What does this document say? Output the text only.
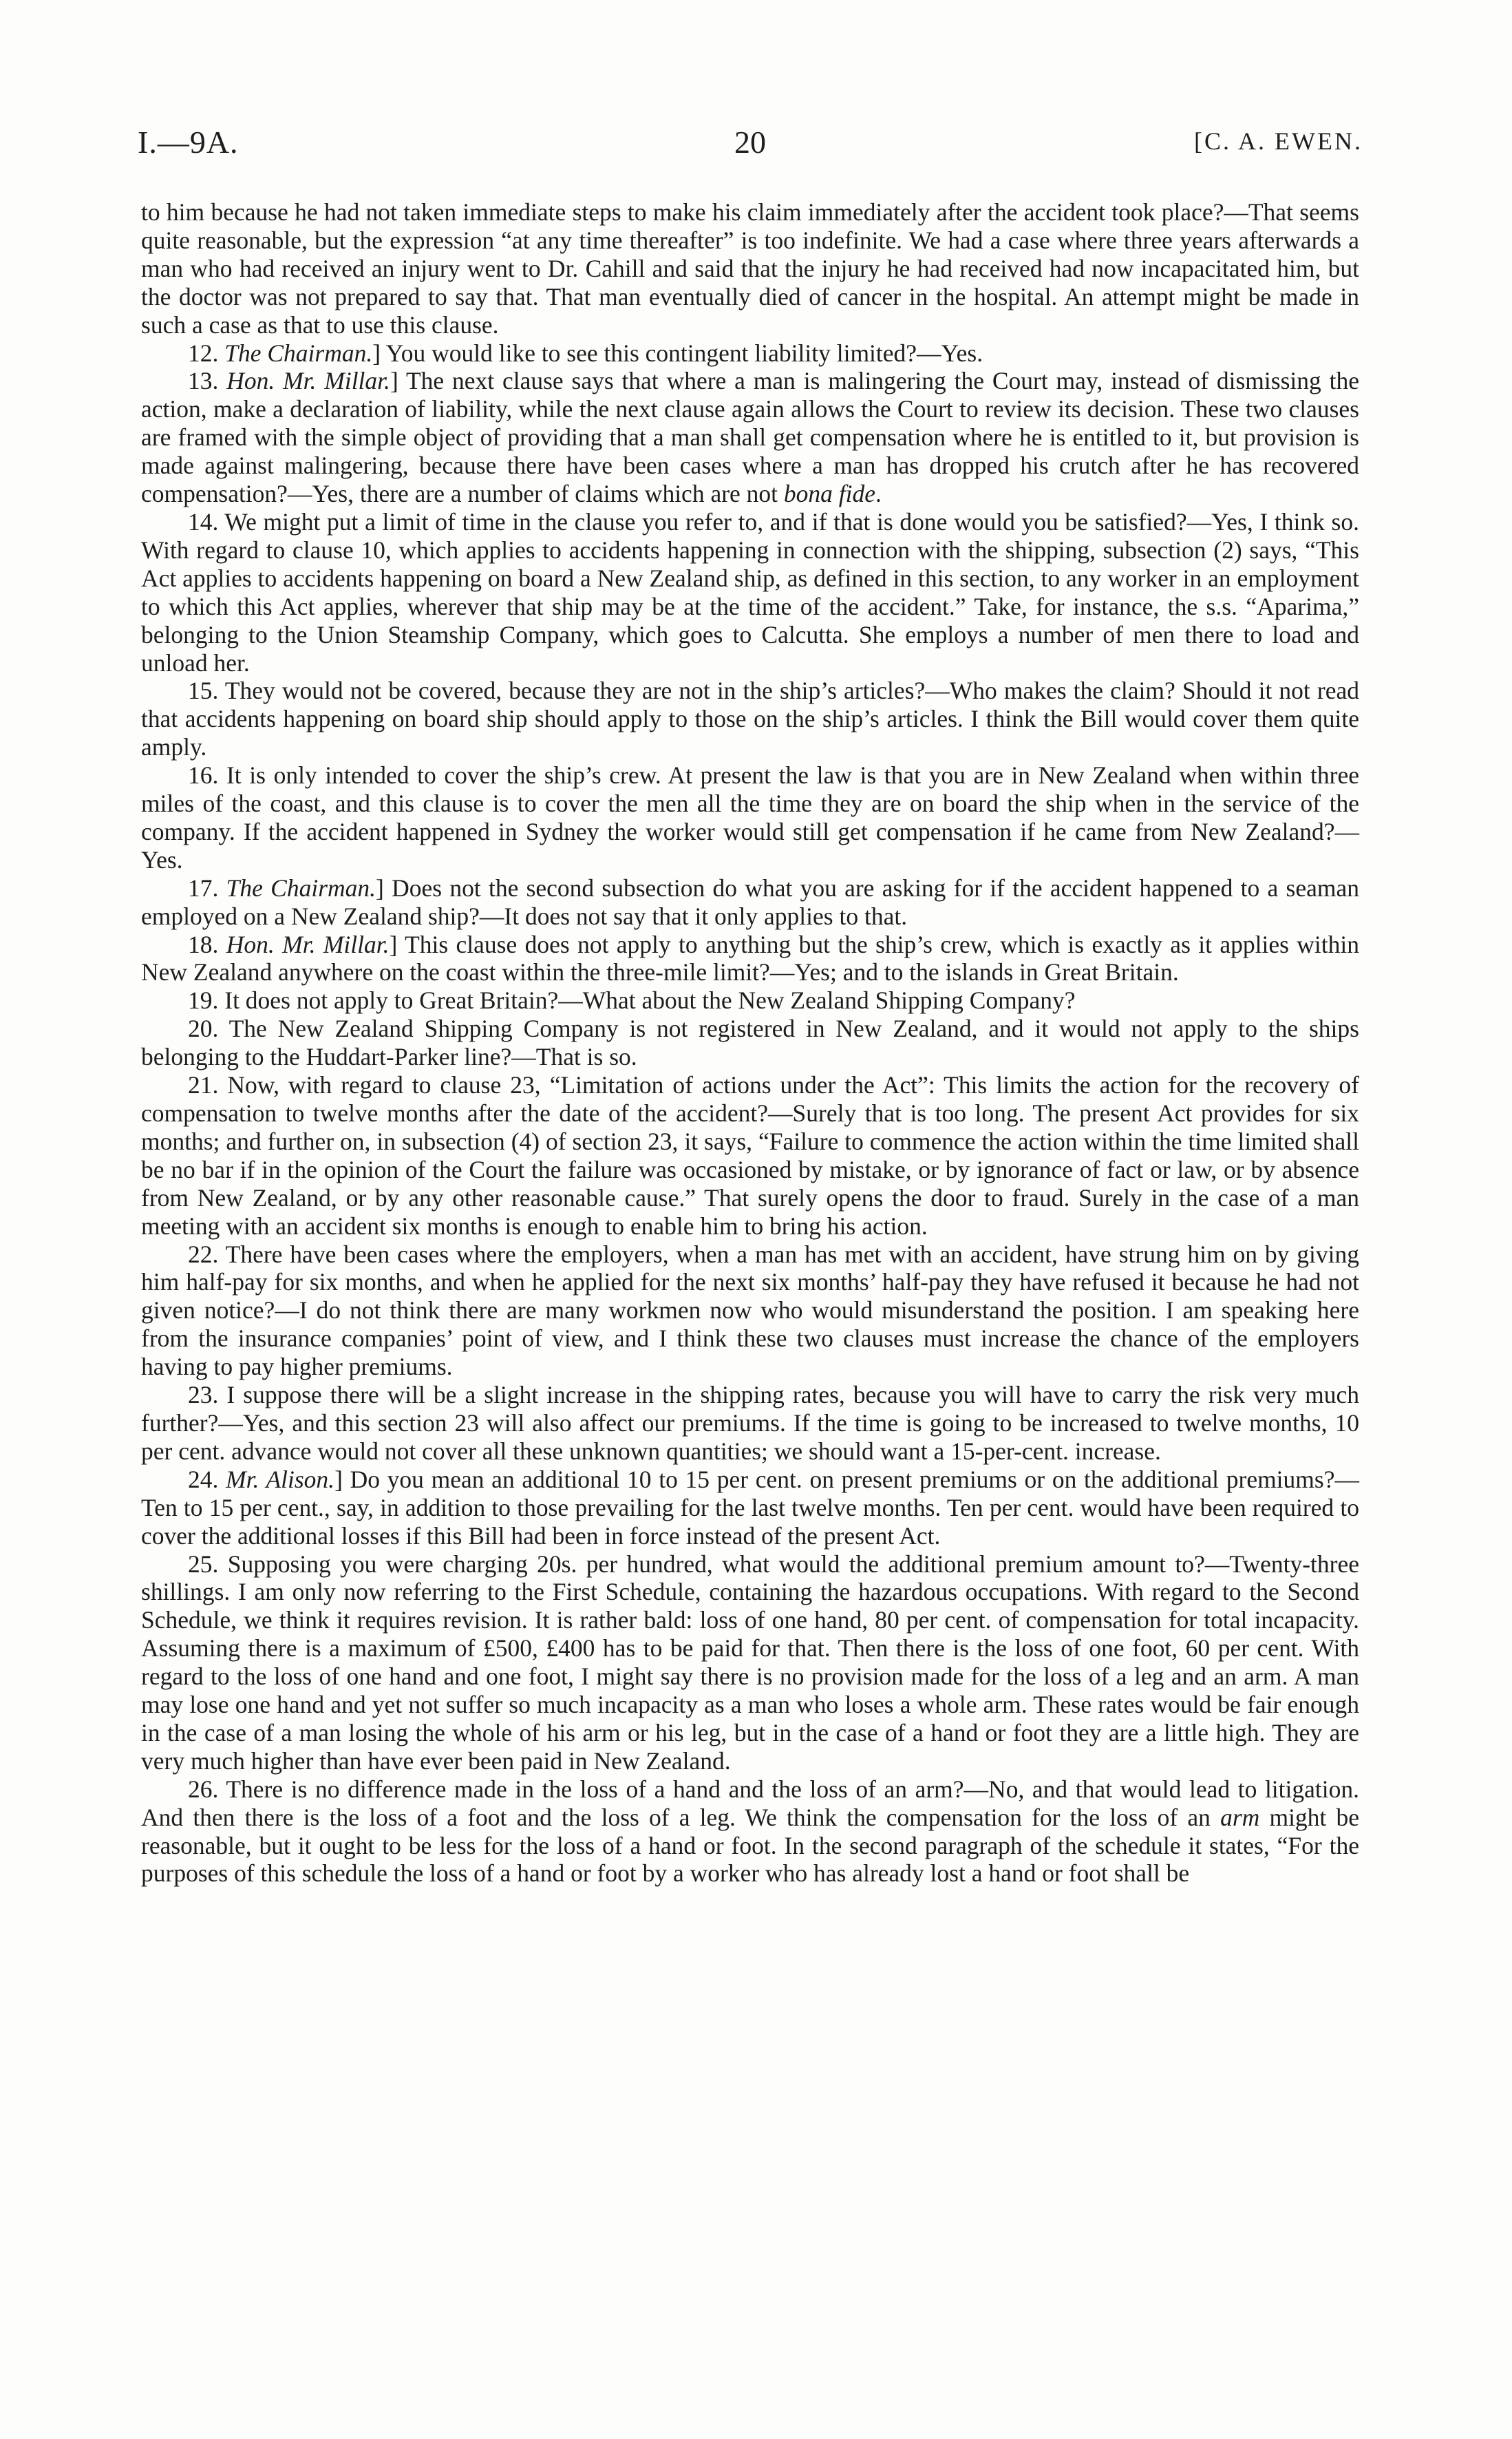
I.—9A.	20	[C. A. EWEN.

to him because he had not taken immediate steps to make his claim immediately after the accident took place?—That seems quite reasonable, but the expression “at any time thereafter” is too indefinite. We had a case where three years afterwards a man who had received an injury went to Dr. Cahill and said that the injury he had received had now incapacitated him, but the doctor was not prepared to say that. That man eventually died of cancer in the hospital. An attempt might be made in such a case as that to use this clause.

12. The Chairman.] You would like to see this contingent liability limited?—Yes.

13. Hon. Mr. Millar.] The next clause says that where a man is malingering the Court may, instead of dismissing the action, make a declaration of liability, while the next clause again allows the Court to review its decision. These two clauses are framed with the simple object of providing that a man shall get compensation where he is entitled to it, but provision is made against malingering, because there have been cases where a man has dropped his crutch after he has recovered compensation?—Yes, there are a number of claims which are not bona fide.

14. We might put a limit of time in the clause you refer to, and if that is done would you be satisfied?—Yes, I think so. With regard to clause 10, which applies to accidents happening in connection with the shipping, subsection (2) says, “This Act applies to accidents happening on board a New Zealand ship, as defined in this section, to any worker in an employment to which this Act applies, wherever that ship may be at the time of the accident.” Take, for instance, the s.s. “Aparima,” belonging to the Union Steamship Company, which goes to Calcutta. She employs a number of men there to load and unload her.

15. They would not be covered, because they are not in the ship’s articles?—Who makes the claim? Should it not read that accidents happening on board ship should apply to those on the ship’s articles. I think the Bill would cover them quite amply.

16. It is only intended to cover the ship’s crew. At present the law is that you are in New Zealand when within three miles of the coast, and this clause is to cover the men all the time they are on board the ship when in the service of the company. If the accident happened in Sydney the worker would still get compensation if he came from New Zealand?—Yes.

17. The Chairman.] Does not the second subsection do what you are asking for if the accident happened to a seaman employed on a New Zealand ship?—It does not say that it only applies to that.

18. Hon. Mr. Millar.] This clause does not apply to anything but the ship’s crew, which is exactly as it applies within New Zealand anywhere on the coast within the three-mile limit?—Yes; and to the islands in Great Britain.

19. It does not apply to Great Britain?—What about the New Zealand Shipping Company?

20. The New Zealand Shipping Company is not registered in New Zealand, and it would not apply to the ships belonging to the Huddart-Parker line?—That is so.

21. Now, with regard to clause 23, “Limitation of actions under the Act”: This limits the action for the recovery of compensation to twelve months after the date of the accident?—Surely that is too long. The present Act provides for six months; and further on, in subsection (4) of section 23, it says, “Failure to commence the action within the time limited shall be no bar if in the opinion of the Court the failure was occasioned by mistake, or by ignorance of fact or law, or by absence from New Zealand, or by any other reasonable cause.” That surely opens the door to fraud. Surely in the case of a man meeting with an accident six months is enough to enable him to bring his action.

22. There have been cases where the employers, when a man has met with an accident, have strung him on by giving him half-pay for six months, and when he applied for the next six months’ half-pay they have refused it because he had not given notice?—I do not think there are many workmen now who would misunderstand the position. I am speaking here from the insurance companies’ point of view, and I think these two clauses must increase the chance of the employers having to pay higher premiums.

23. I suppose there will be a slight increase in the shipping rates, because you will have to carry the risk very much further?—Yes, and this section 23 will also affect our premiums. If the time is going to be increased to twelve months, 10 per cent. advance would not cover all these unknown quantities; we should want a 15-per-cent. increase.

24. Mr. Alison.] Do you mean an additional 10 to 15 per cent. on present premiums or on the additional premiums?—Ten to 15 per cent., say, in addition to those prevailing for the last twelve months. Ten per cent. would have been required to cover the additional losses if this Bill had been in force instead of the present Act.

25. Supposing you were charging 20s. per hundred, what would the additional premium amount to?—Twenty-three shillings. I am only now referring to the First Schedule, containing the hazardous occupations. With regard to the Second Schedule, we think it requires revision. It is rather bald: loss of one hand, 80 per cent. of compensation for total incapacity. Assuming there is a maximum of £500, £400 has to be paid for that. Then there is the loss of one foot, 60 per cent. With regard to the loss of one hand and one foot, I might say there is no provision made for the loss of a leg and an arm. A man may lose one hand and yet not suffer so much incapacity as a man who loses a whole arm. These rates would be fair enough in the case of a man losing the whole of his arm or his leg, but in the case of a hand or foot they are a little high. They are very much higher than have ever been paid in New Zealand.

26. There is no difference made in the loss of a hand and the loss of an arm?—No, and that would lead to litigation. And then there is the loss of a foot and the loss of a leg. We think the compensation for the loss of an arm might be reasonable, but it ought to be less for the loss of a hand or foot. In the second paragraph of the schedule it states, “For the purposes of this schedule the loss of a hand or foot by a worker who has already lost a hand or foot shall be
